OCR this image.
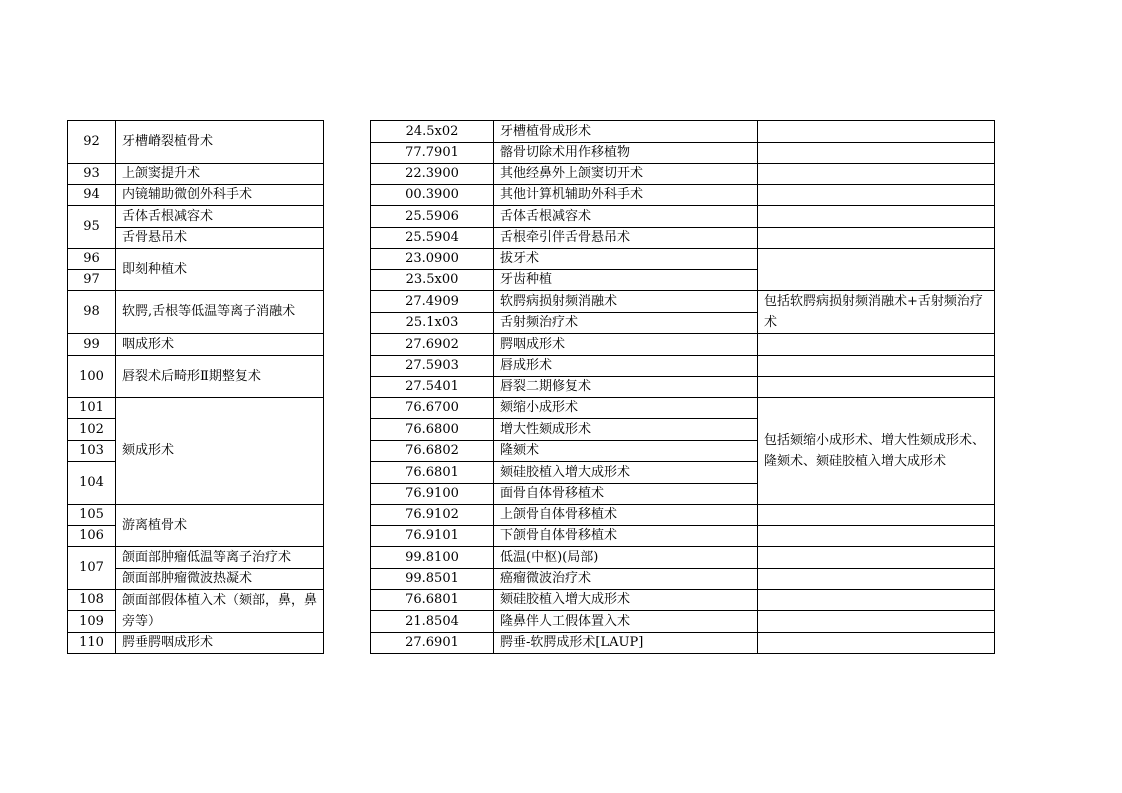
92	牙槽嵴裂植骨术
93	上颌窦提升术
94	内镜辅助微创外科手术
95	舌体舌根减容术
	舌骨悬吊术
96	即刻种植术
97	
98	软腭,舌根等低温等离子消融术
99	咽成形术
100	唇裂术后畸形Ⅱ期整复术
101	颏成形术
102	
103	
104	
105	游离植骨术
106	
107	颌面部肿瘤低温等离子治疗术
	颌面部肿瘤微波热凝术
108	颌面部假体植入术（颏部，鼻，鼻旁等）
109	
110	腭垂腭咽成形术
24.5x02	牙槽植骨成形术	
77.7901	髂骨切除术用作移植物	
22.3900	其他经鼻外上颌窦切开术	
00.3900	其他计算机辅助外科手术	
25.5906	舌体舌根减容术	
25.5904	舌根牵引伴舌骨悬吊术	
23.0900	拔牙术	
23.5x00	牙齿种植	
27.4909	软腭病损射频消融术	包括软腭病损射频消融术+舌射频治疗术
25.1x03	舌射频治疗术	
27.6902	腭咽成形术	
27.5903	唇成形术	
27.5401	唇裂二期修复术	
76.6700	颏缩小成形术	包括颏缩小成形术、增大性颏成形术、隆颏术、颏硅胶植入增大成形术
76.6800	增大性颏成形术	
76.6802	隆颏术	
76.6801	颏硅胶植入增大成形术	
76.9100	面骨自体骨移植术	
76.9102	上颌骨自体骨移植术	
76.9101	下颌骨自体骨移植术	
99.8100	低温(中枢)(局部)	
99.8501	癌瘤微波治疗术	
76.6801	颏硅胶植入增大成形术	
21.8504	隆鼻伴人工假体置入术	
27.6901	腭垂-软腭成形术[LAUP]	
